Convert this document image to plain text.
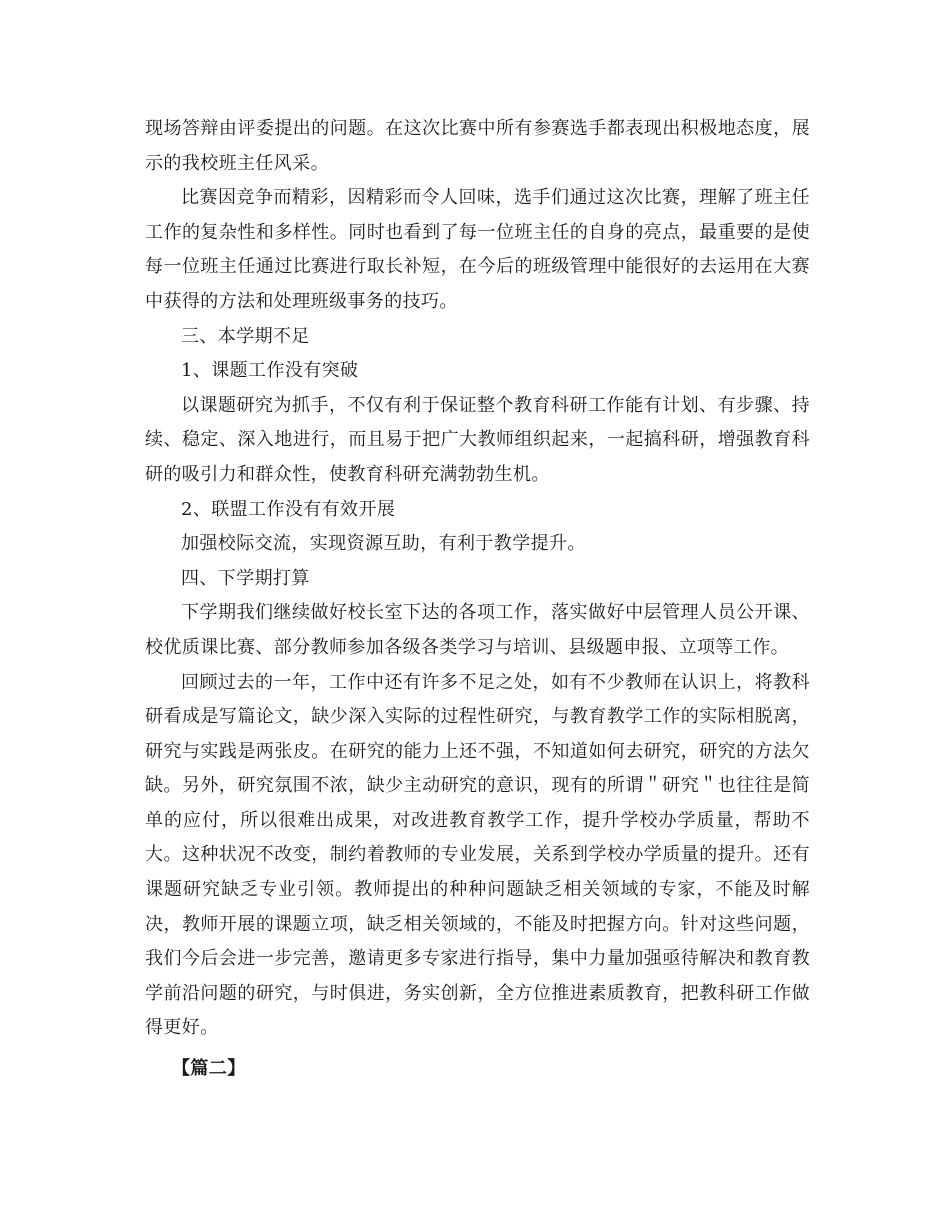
现场答辩由评委提出的问题。在这次比赛中所有参赛选手都表现出积极地态度，展示的我校班主任风采。

比赛因竞争而精彩，因精彩而令人回味，选手们通过这次比赛，理解了班主任工作的复杂性和多样性。同时也看到了每一位班主任的自身的亮点，最重要的是使每一位班主任通过比赛进行取长补短，在今后的班级管理中能很好的去运用在大赛中获得的方法和处理班级事务的技巧。

三、本学期不足

1、课题工作没有突破

以课题研究为抓手，不仅有利于保证整个教育科研工作能有计划、有步骤、持续、稳定、深入地进行，而且易于把广大教师组织起来，一起搞科研，增强教育科研的吸引力和群众性，使教育科研充满勃勃生机。

2、联盟工作没有有效开展

加强校际交流，实现资源互助，有利于教学提升。

四、下学期打算

下学期我们继续做好校长室下达的各项工作，落实做好中层管理人员公开课、校优质课比赛、部分教师参加各级各类学习与培训、县级题申报、立项等工作。

回顾过去的一年，工作中还有许多不足之处，如有不少教师在认识上，将教科研看成是写篇论文，缺少深入实际的过程性研究，与教育教学工作的实际相脱离，研究与实践是两张皮。在研究的能力上还不强，不知道如何去研究，研究的方法欠缺。另外，研究氛围不浓，缺少主动研究的意识，现有的所谓＂研究＂也往往是简单的应付，所以很难出成果，对改进教育教学工作，提升学校办学质量，帮助不大。这种状况不改变，制约着教师的专业发展，关系到学校办学质量的提升。还有课题研究缺乏专业引领。教师提出的种种问题缺乏相关领域的专家，不能及时解决，教师开展的课题立项，缺乏相关领域的，不能及时把握方向。针对这些问题，我们今后会进一步完善，邀请更多专家进行指导，集中力量加强亟待解决和教育教学前沿问题的研究，与时俱进，务实创新，全方位推进素质教育，把教科研工作做得更好。

【篇二】
